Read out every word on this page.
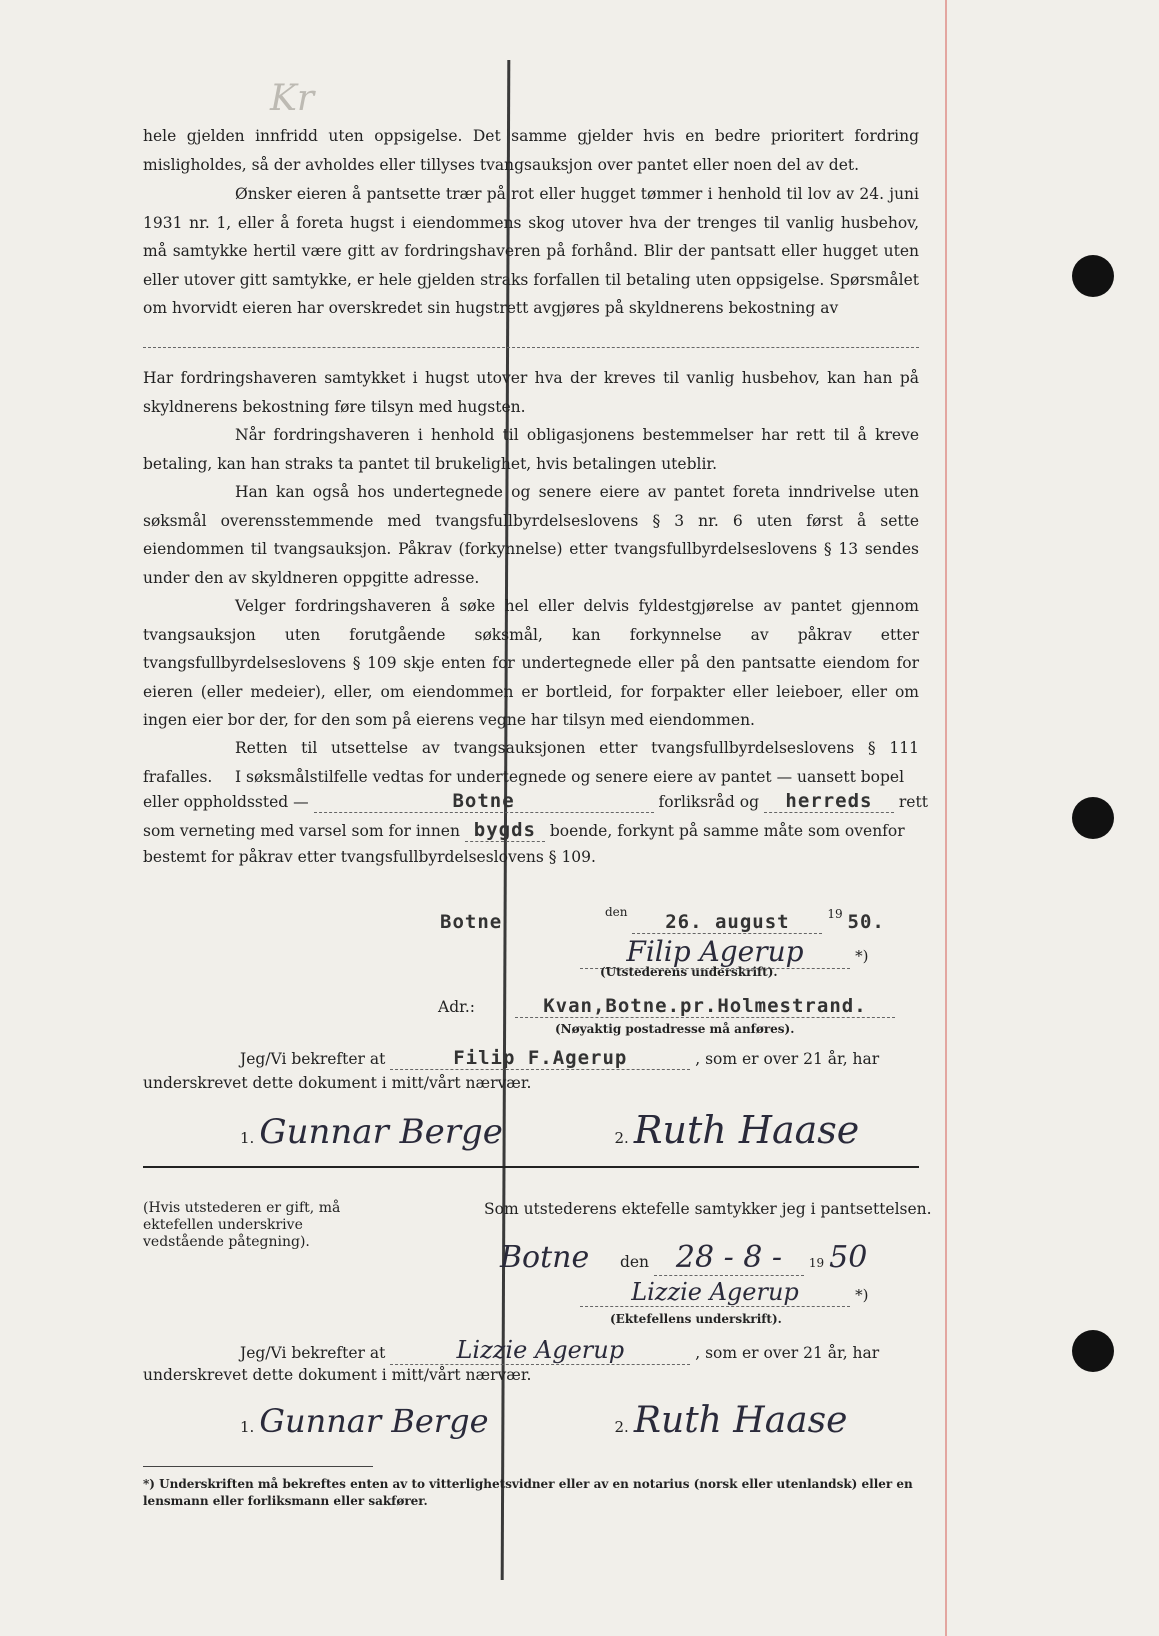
Kr

hele gjelden innfridd uten oppsigelse. Det samme gjelder hvis en bedre prioritert fordring misligholdes, så der avholdes eller tillyses tvangsauksjon over pantet eller noen del av det.

Ønsker eieren å pantsette trær på rot eller hugget tømmer i henhold til lov av 24. juni 1931 nr. 1, eller å foreta hugst i eiendommens skog utover hva der trenges til vanlig husbehov, må samtykke hertil være gitt av fordringshaveren på forhånd. Blir der pantsatt eller hugget uten eller utover gitt samtykke, er hele gjelden straks forfallen til betaling uten oppsigelse. Spørsmålet om hvorvidt eieren har overskredet sin hugstrett avgjøres på skyldnerens bekostning av

Har fordringshaveren samtykket i hugst utover hva der kreves til vanlig husbehov, kan han på skyldnerens bekostning føre tilsyn med hugsten.

Når fordringshaveren i henhold til obligasjonens bestemmelser har rett til å kreve betaling, kan han straks ta pantet til brukelighet, hvis betalingen uteblir.

Han kan også hos undertegnede og senere eiere av pantet foreta inndrivelse uten søksmål overensstemmende med tvangsfullbyrdelseslovens § 3 nr. 6 uten først å sette eiendommen til tvangsauksjon. Påkrav (forkynnelse) etter tvangsfullbyrdelseslovens § 13 sendes under den av skyldneren oppgitte adresse.

Velger fordringshaveren å søke hel eller delvis fyldestgjørelse av pantet gjennom tvangsauksjon uten forutgående søksmål, kan forkynnelse av påkrav etter tvangsfullbyrdelseslovens § 109 skje enten for undertegnede eller på den pantsatte eiendom for eieren (eller medeier), eller, om eiendommen er bortleid, for forpakter eller leieboer, eller om ingen eier bor der, for den som på eierens vegne har tilsyn med eiendommen.

Retten til utsettelse av tvangsauksjonen etter tvangsfullbyrdelseslovens § 111 frafalles.	I søksmålstilfelle vedtas for undertegnede og senere eiere av pantet — uansett bopel

eller oppholdssted —	Botne	forliksråd og herreds rett
som verneting med varsel som for innen bygds boende, forkynt på samme måte som ovenfor
bestemt for påkrav etter tvangsfullbyrdelseslovens § 109.
Botne	$^{den}$ 26. august	$^{19}$ 50.
Filip Agerup	*)
(Utstederens underskrift).
Adr.:	Kvan,Botne.pr.Holmestrand.
(Nøyaktig postadresse må anføres).
Jeg/Vi bekrefter at	Filip F.Agerup	, som er over 21 år, har
underskrevet dette dokument i mitt/vårt nærvær.
1. Gunnar Berge	2. Ruth Haase
(Hvis utstederen er gift, må ektefellen underskrive vedstående påtegning).
Som utstederens ektefelle samtykker jeg i pantsettelsen.
Botne den 28 - 8 - 19 50
Lizzie Agerup	*)
(Ektefellens underskrift).
Jeg/Vi bekrefter at	Lizzie Agerup	, som er over 21 år, har
underskrevet dette dokument i mitt/vårt nærvær.
1. Gunnar Berge	2. Ruth Haase
*) Underskriften må bekreftes enten av to vitterlighetsvidner eller av en notarius (norsk eller utenlandsk) eller en lensmann eller forliksmann eller sakfører.
